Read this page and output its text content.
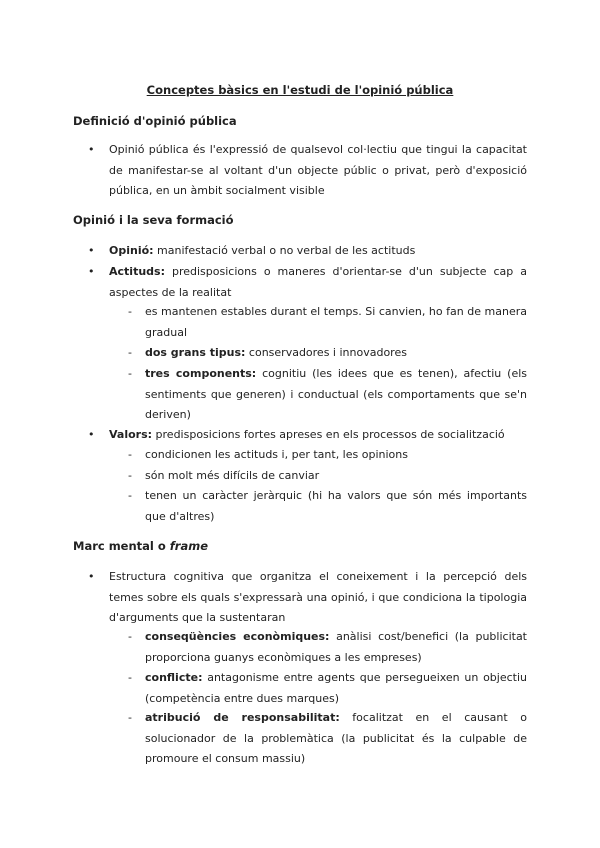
Conceptes bàsics en l'estudi de l'opinió pública
Definició d'opinió pública
• Opinió pública és l'expressió de qualsevol col·lectiu que tingui la capacitat de manifestar-se al voltant d'un objecte públic o privat, però d'exposició pública, en un àmbit socialment visible
Opinió i la seva formació
• Opinió: manifestació verbal o no verbal de les actituds
• Actituds: predisposicions o maneres d'orientar-se d'un subjecte cap a aspectes de la realitat
- es mantenen estables durant el temps. Si canvien, ho fan de manera gradual
- dos grans tipus: conservadores i innovadores
- tres components: cognitiu (les idees que es tenen), afectiu (els sentiments que generen) i conductual (els comportaments que se'n deriven)
• Valors: predisposicions fortes apreses en els processos de socialització
- condicionen les actituds i, per tant, les opinions
- són molt més difícils de canviar
- tenen un caràcter jeràrquic (hi ha valors que són més importants que d'altres)
Marc mental o frame
• Estructura cognitiva que organitza el coneixement i la percepció dels temes sobre els quals s'expressarà una opinió, i que condiciona la tipologia d'arguments que la sustentaran
- conseqüències econòmiques: anàlisi cost/benefici (la publicitat proporciona guanys econòmiques a les empreses)
- conflicte: antagonisme entre agents que persegueixen un objectiu (competència entre dues marques)
- atribució de responsabilitat: focalitzat en el causant o solucionador de la problemàtica (la publicitat és la culpable de promoure el consum massiu)
